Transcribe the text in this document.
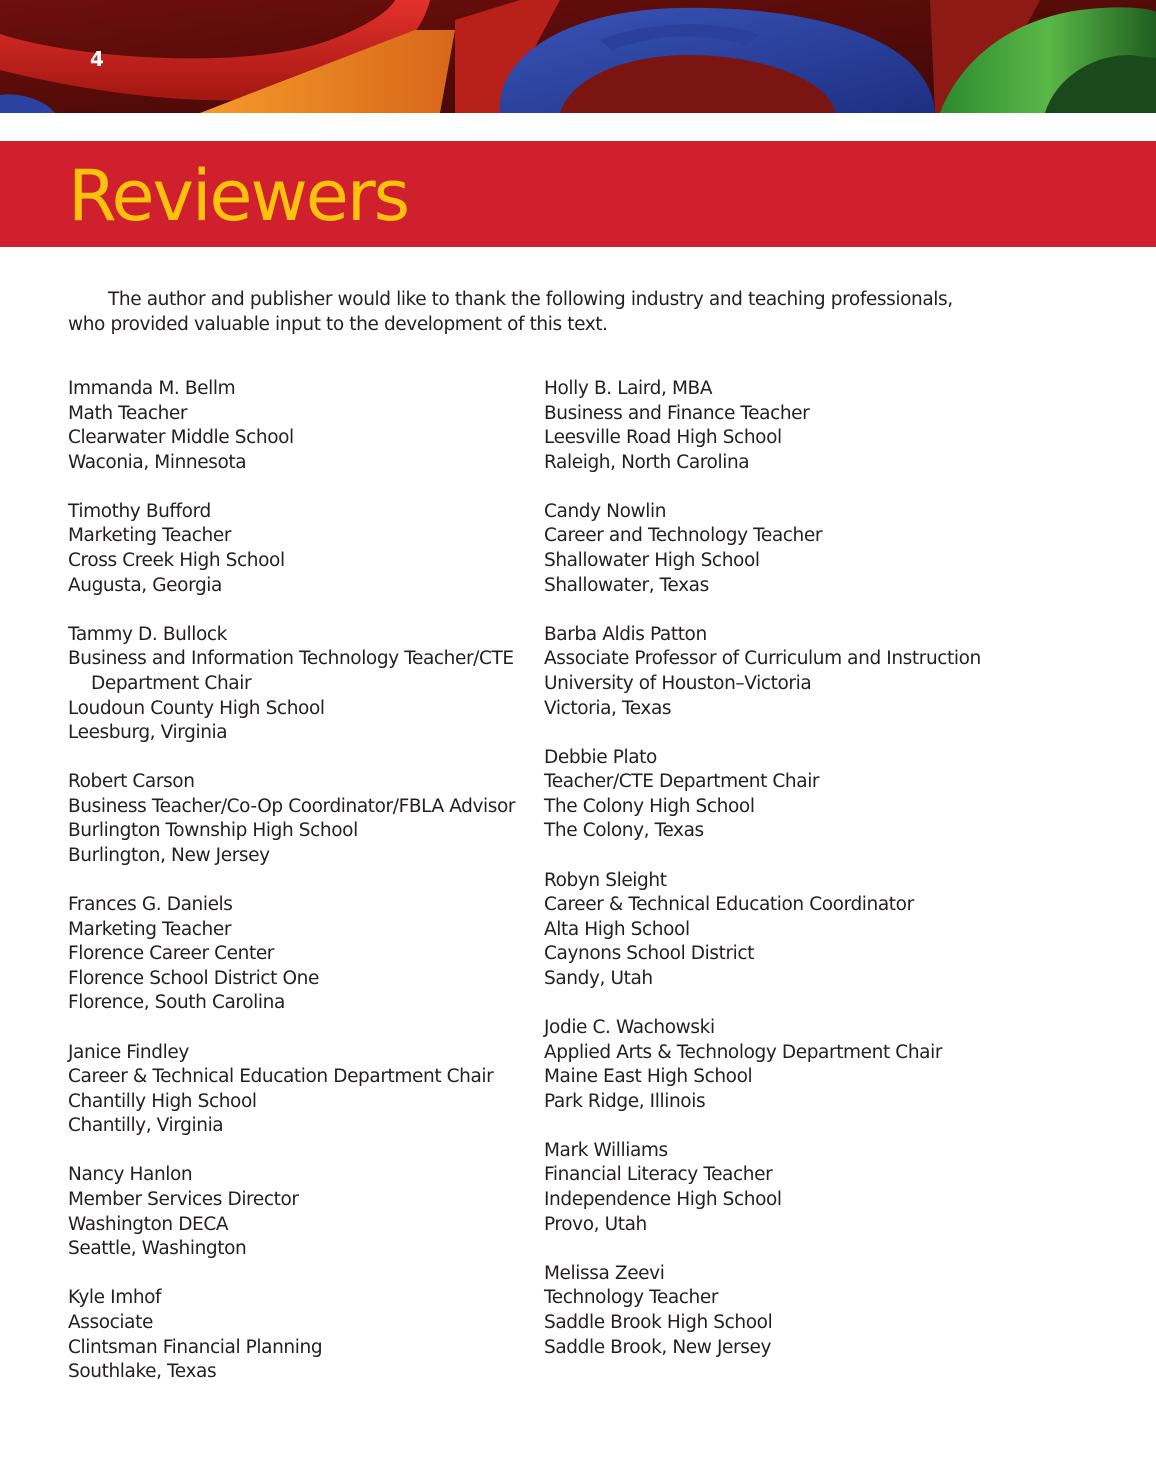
4
Reviewers

The author and publisher would like to thank the following industry and teaching professionals, who provided valuable input to the development of this text.

Immanda M. Bellm
Math Teacher
Clearwater Middle School
Waconia, Minnesota
Timothy Bufford
Marketing Teacher
Cross Creek High School
Augusta, Georgia
Tammy D. Bullock
Business and Information Technology Teacher/CTE
Department Chair
Loudoun County High School
Leesburg, Virginia
Robert Carson
Business Teacher/Co-Op Coordinator/FBLA Advisor
Burlington Township High School
Burlington, New Jersey
Frances G. Daniels
Marketing Teacher
Florence Career Center
Florence School District One
Florence, South Carolina
Janice Findley
Career & Technical Education Department Chair
Chantilly High School
Chantilly, Virginia
Nancy Hanlon
Member Services Director
Washington DECA
Seattle, Washington
Kyle Imhof
Associate
Clintsman Financial Planning
Southlake, Texas
Holly B. Laird, MBA
Business and Finance Teacher
Leesville Road High School
Raleigh, North Carolina
Candy Nowlin
Career and Technology Teacher
Shallowater High School
Shallowater, Texas
Barba Aldis Patton
Associate Professor of Curriculum and Instruction
University of Houston–Victoria
Victoria, Texas
Debbie Plato
Teacher/CTE Department Chair
The Colony High School
The Colony, Texas
Robyn Sleight
Career & Technical Education Coordinator
Alta High School
Caynons School District
Sandy, Utah
Jodie C. Wachowski
Applied Arts & Technology Department Chair
Maine East High School
Park Ridge, Illinois
Mark Williams
Financial Literacy Teacher
Independence High School
Provo, Utah
Melissa Zeevi
Technology Teacher
Saddle Brook High School
Saddle Brook, New Jersey
